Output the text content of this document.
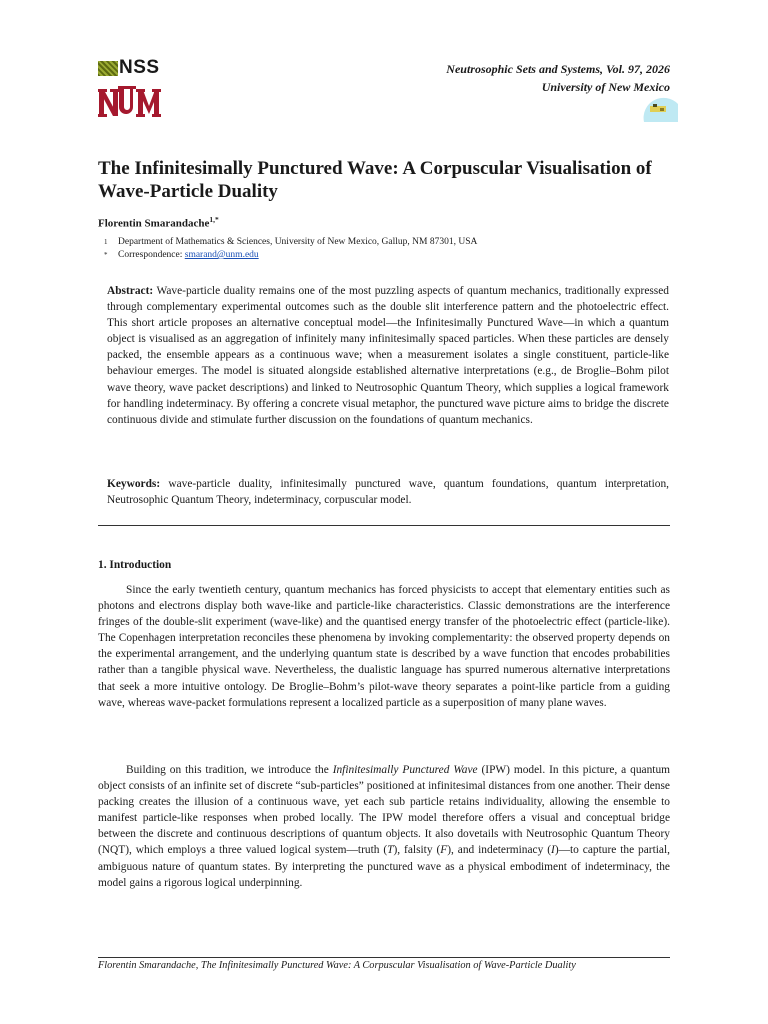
NSS	Neutrosophic Sets and Systems, Vol. 97, 2026
University of New Mexico
The Infinitesimally Punctured Wave: A Corpuscular Visualisation of Wave-Particle Duality
Florentin Smarandache$^{1,*}$
1 Department of Mathematics & Sciences, University of New Mexico, Gallup, NM 87301, USA
* Correspondence: smarand@unm.edu
Abstract: Wave-particle duality remains one of the most puzzling aspects of quantum mechanics, traditionally expressed through complementary experimental outcomes such as the double slit interference pattern and the photoelectric effect. This short article proposes an alternative conceptual model—the Infinitesimally Punctured Wave—in which a quantum object is visualised as an aggregation of infinitely many infinitesimally spaced particles. When these particles are densely packed, the ensemble appears as a continuous wave; when a measurement isolates a single constituent, particle-like behaviour emerges. The model is situated alongside established alternative interpretations (e.g., de Broglie–Bohm pilot wave theory, wave packet descriptions) and linked to Neutrosophic Quantum Theory, which supplies a logical framework for handling indeterminacy. By offering a concrete visual metaphor, the punctured wave picture aims to bridge the discrete continuous divide and stimulate further discussion on the foundations of quantum mechanics.
Keywords: wave-particle duality, infinitesimally punctured wave, quantum foundations, quantum interpretation, Neutrosophic Quantum Theory, indeterminacy, corpuscular model.
1. Introduction
Since the early twentieth century, quantum mechanics has forced physicists to accept that elementary entities such as photons and electrons display both wave-like and particle-like characteristics. Classic demonstrations are the interference fringes of the double-slit experiment (wave-like) and the quantised energy transfer of the photoelectric effect (particle-like). The Copenhagen interpretation reconciles these phenomena by invoking complementarity: the observed property depends on the experimental arrangement, and the underlying quantum state is described by a wave function that encodes probabilities rather than a tangible physical wave. Nevertheless, the dualistic language has spurred numerous alternative interpretations that seek a more intuitive ontology. De Broglie–Bohm’s pilot-wave theory separates a point-like particle from a guiding wave, whereas wave-packet formulations represent a localized particle as a superposition of many plane waves.
Building on this tradition, we introduce the Infinitesimally Punctured Wave (IPW) model. In this picture, a quantum object consists of an infinite set of discrete “sub-particles” positioned at infinitesimal distances from one another. Their dense packing creates the illusion of a continuous wave, yet each sub particle retains individuality, allowing the ensemble to manifest particle-like responses when probed locally. The IPW model therefore offers a visual and conceptual bridge between the discrete and continuous descriptions of quantum objects. It also dovetails with Neutrosophic Quantum Theory (NQT), which employs a three valued logical system—truth (T), falsity (F), and indeterminacy (I)—to capture the partial, ambiguous nature of quantum states. By interpreting the punctured wave as a physical embodiment of indeterminacy, the model gains a rigorous logical underpinning.
Florentin Smarandache, The Infinitesimally Punctured Wave: A Corpuscular Visualisation of Wave-Particle Duality
